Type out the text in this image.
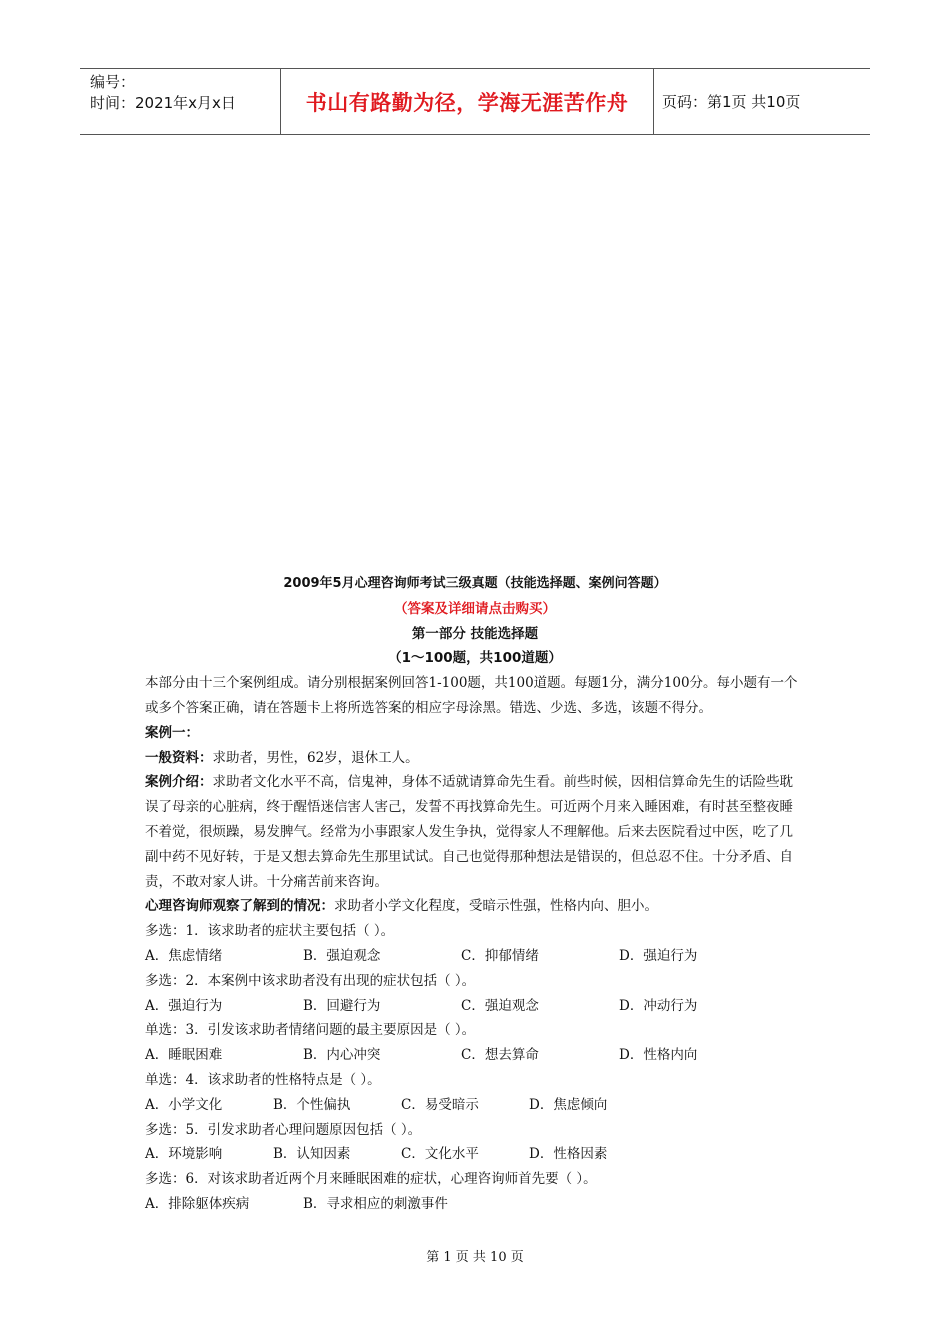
编号：
时间：2021年x月x日	书山有路勤为径，学海无涯苦作舟 页码：第1页 共10页

2009年5月心理咨询师考试三级真题（技能选择题、案例问答题）

（答案及详细请点击购买）

第一部分 技能选择题

（1～100题，共100道题）

本部分由十三个案例组成。请分别根据案例回答1-100题，共100道题。每题1分，满分100分。每小题有一个或多个答案正确，请在答题卡上将所选答案的相应字母涂黑。错选、少选、多选，该题不得分。

案例一：

一般资料：求助者，男性，62岁，退休工人。

案例介绍：求助者文化水平不高，信鬼神，身体不适就请算命先生看。前些时候，因相信算命先生的话险些耽误了母亲的心脏病，终于醒悟迷信害人害己，发誓不再找算命先生。可近两个月来入睡困难，有时甚至整夜睡不着觉，很烦躁，易发脾气。经常为小事跟家人发生争执，觉得家人不理解他。后来去医院看过中医，吃了几副中药不见好转，于是又想去算命先生那里试试。自己也觉得那种想法是错误的，但总忍不住。十分矛盾、自责，不敢对家人讲。十分痛苦前来咨询。

心理咨询师观察了解到的情况：求助者小学文化程度，受暗示性强，性格内向、胆小。

多选：1．该求助者的症状主要包括（ ）。

A．焦虑情绪	B．强迫观念	C．抑郁情绪	D．强迫行为

多选：2．本案例中该求助者没有出现的症状包括（ ）。

A．强迫行为	B．回避行为	C．强迫观念	D．冲动行为

单选：3．引发该求助者情绪问题的最主要原因是（ ）。

A．睡眠困难	B．内心冲突	C．想去算命	D．性格内向

单选：4．该求助者的性格特点是（ ）。

A．小学文化	B．个性偏执	C．易受暗示	D．焦虑倾向

多选：5．引发求助者心理问题原因包括（ ）。

A．环境影响	B．认知因素	C．文化水平	D．性格因素

多选：6．对该求助者近两个月来睡眠困难的症状，心理咨询师首先要（ ）。

A．排除躯体疾病	B．寻求相应的刺激事件
第 1 页 共 10 页
